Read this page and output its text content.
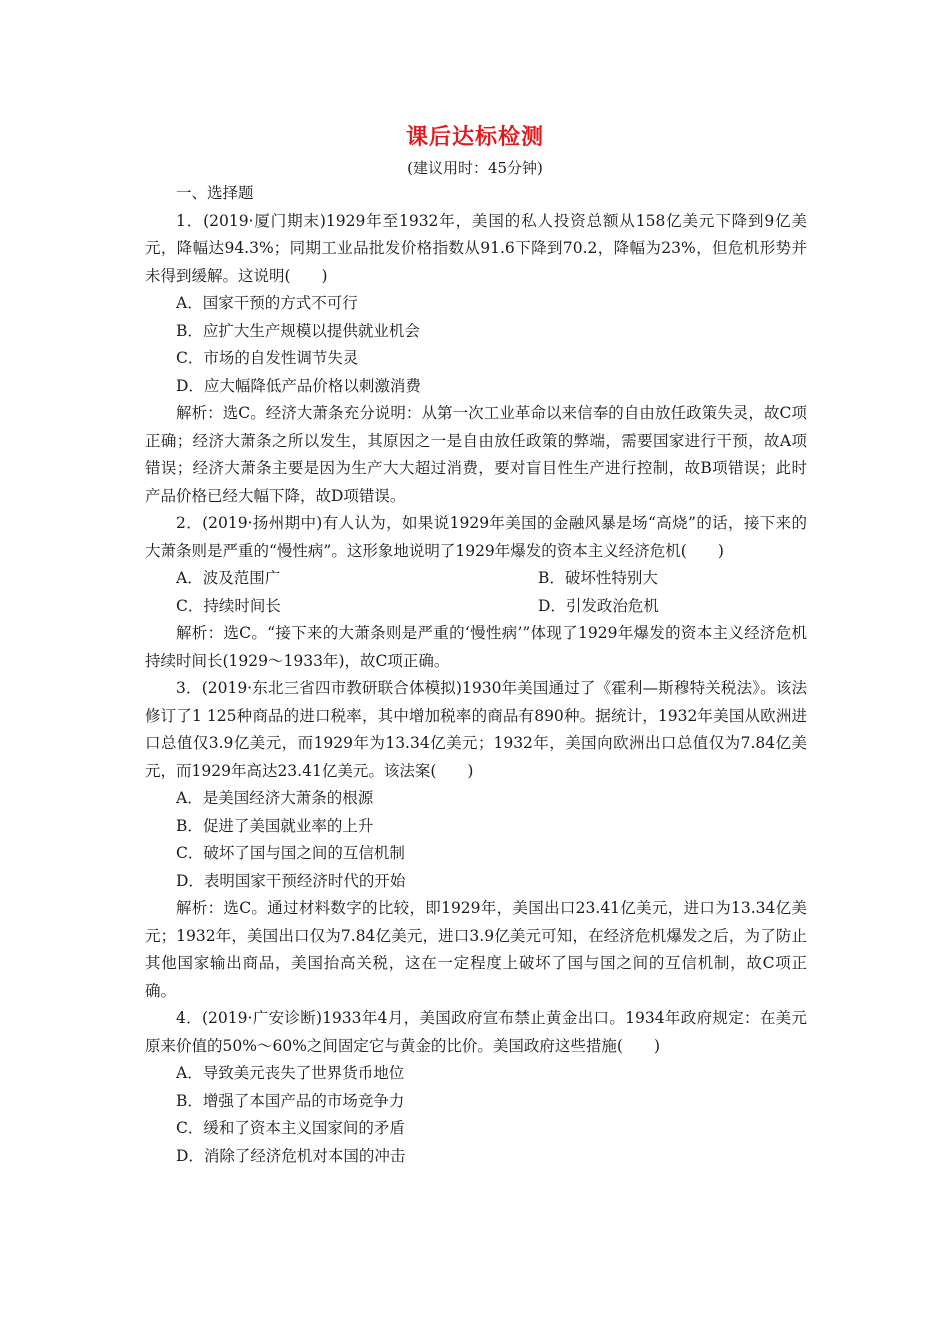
课后达标检测
(建议用时：45分钟)

一、选择题

1．(2019·厦门期末)1929年至1932年，美国的私人投资总额从158亿美元下降到9亿美元，降幅达94.3%；同期工业品批发价格指数从91.6下降到70.2，降幅为23%，但危机形势并未得到缓解。这说明(　　)

A．国家干预的方式不可行

B．应扩大生产规模以提供就业机会

C．市场的自发性调节失灵

D．应大幅降低产品价格以刺激消费

解析：选C。经济大萧条充分说明：从第一次工业革命以来信奉的自由放任政策失灵，故C项正确；经济大萧条之所以发生，其原因之一是自由放任政策的弊端，需要国家进行干预，故A项错误；经济大萧条主要是因为生产大大超过消费，要对盲目性生产进行控制，故B项错误；此时产品价格已经大幅下降，故D项错误。

2．(2019·扬州期中)有人认为，如果说1929年美国的金融风暴是场“高烧”的话，接下来的大萧条则是严重的“慢性病”。这形象地说明了1929年爆发的资本主义经济危机(　　)

A．波及范围广	B．破坏性特别大
C．持续时间长	D．引发政治危机

解析：选C。“接下来的大萧条则是严重的‘慢性病’”体现了1929年爆发的资本主义经济危机持续时间长(1929～1933年)，故C项正确。

3．(2019·东北三省四市教研联合体模拟)1930年美国通过了《霍利—斯穆特关税法》。该法修订了1 125种商品的进口税率，其中增加税率的商品有890种。据统计，1932年美国从欧洲进口总值仅3.9亿美元，而1929年为13.34亿美元；1932年，美国向欧洲出口总值仅为7.84亿美元，而1929年高达23.41亿美元。该法案(　　)

A．是美国经济大萧条的根源

B．促进了美国就业率的上升

C．破坏了国与国之间的互信机制

D．表明国家干预经济时代的开始

解析：选C。通过材料数字的比较，即1929年，美国出口23.41亿美元，进口为13.34亿美元；1932年，美国出口仅为7.84亿美元，进口3.9亿美元可知，在经济危机爆发之后，为了防止其他国家输出商品，美国抬高关税，这在一定程度上破坏了国与国之间的互信机制，故C项正确。

4．(2019·广安诊断)1933年4月，美国政府宣布禁止黄金出口。1934年政府规定：在美元原来价值的50%～60%之间固定它与黄金的比价。美国政府这些措施(　　)

A．导致美元丧失了世界货币地位

B．增强了本国产品的市场竞争力

C．缓和了资本主义国家间的矛盾

D．消除了经济危机对本国的冲击
